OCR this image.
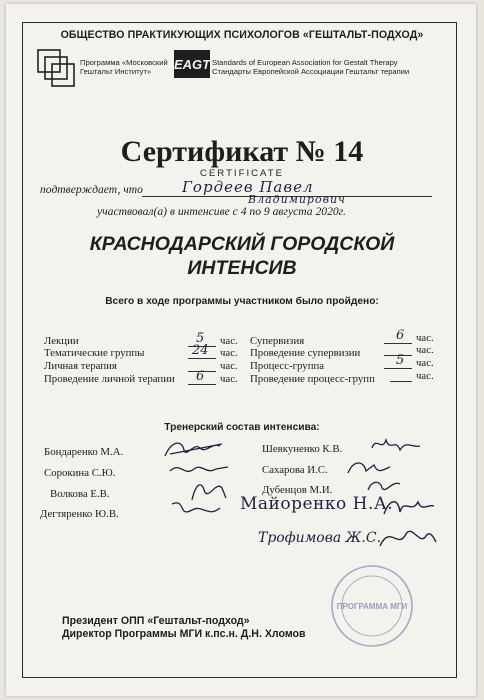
ОБЩЕСТВО ПРАКТИКУЮЩИХ ПСИХОЛОГОВ «ГЕШТАЛЬТ-ПОДХОД»
Программа «Московский
Гештальт Институт»	EAGT Standards of European Association for Gestalt Therapy
Стандарты Европейской Ассоциации Гештальт терапии
Сертификат № 14
CERTIFICATE
подтверждает, что	Гордеев Павел
Владимирович
участвовал(а) в интенсиве с 4 по 9 августа 2020г.
КРАСНОДАРСКИЙ ГОРОДСКОЙ
ИНТЕНСИВ
Всего в ходе программы участником было пройдено:
Лекции
Тематические группы
Личная терапия
Проведение личной терапии
5
24
6
час.
час.
час.
час.
Супервизия
Проведение супервизии
Процесс-группа
Проведение процесс-групп
6
5
час.
час.
час.
час.
Тренерский состав интенсива:
Бондаренко М.А.
Сорокина С.Ю.
Волкова Е.В.
Дегтяренко Ю.В.
Шевкуненко К.В.
Сахарова И.С.
Дубенцов М.И.
Майоренко Н.А.
Трофимова Ж.С.
ПРОГРАММА МГИ
Президент ОПП «Гештальт-подход»
Директор Программы МГИ к.пс.н. Д.Н. Хломов
